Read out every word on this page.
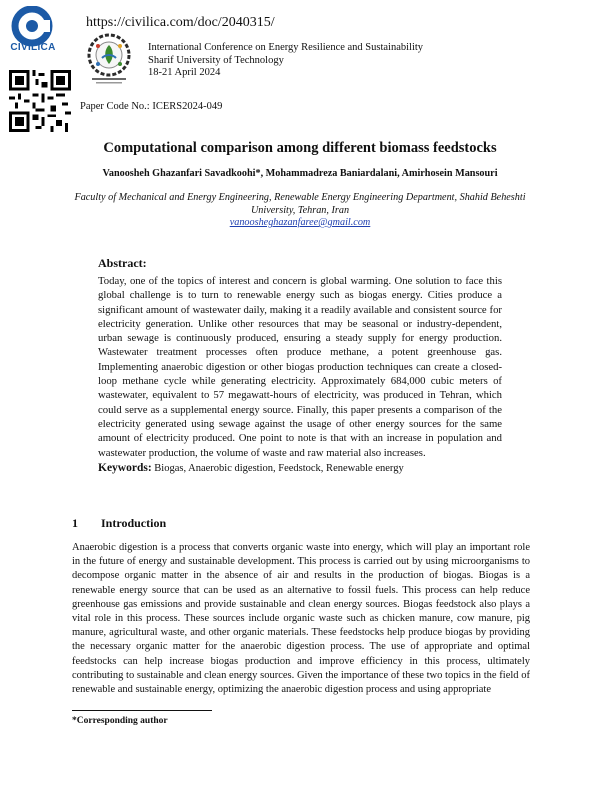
CIVILICA
https://civilica.com/doc/2040315/
International Conference on Energy Resilience and Sustainability
Sharif University of Technology
18-21 April 2024
Paper Code No.: ICERS2024-049
Computational comparison among different biomass feedstocks
Vanoosheh Ghazanfari Savadkoohi*, Mohammadreza Baniardalani, Amirhosein Mansouri
Faculty of Mechanical and Energy Engineering, Renewable Energy Engineering Department, Shahid Beheshti University, Tehran, Iran
vanoosheghazanfaree@gmail.com
Abstract:
Today, one of the topics of interest and concern is global warming. One solution to face this global challenge is to turn to renewable energy such as biogas energy. Cities produce a significant amount of wastewater daily, making it a readily available and consistent source for electricity generation. Unlike other resources that may be seasonal or industry-dependent, urban sewage is continuously produced, ensuring a steady supply for energy production. Wastewater treatment processes often produce methane, a potent greenhouse gas. Implementing anaerobic digestion or other biogas production techniques can create a closed-loop methane cycle while generating electricity. Approximately 684,000 cubic meters of wastewater, equivalent to 57 megawatt-hours of electricity, was produced in Tehran, which could serve as a supplemental energy source. Finally, this paper presents a comparison of the electricity generated using sewage against the usage of other energy sources for the same amount of electricity produced. One point to note is that with an increase in population and wastewater production, the volume of waste and raw material also increases.
Keywords: Biogas, Anaerobic digestion, Feedstock, Renewable energy
1 Introduction
Anaerobic digestion is a process that converts organic waste into energy, which will play an important role in the future of energy and sustainable development. This process is carried out by using microorganisms to decompose organic matter in the absence of air and results in the production of biogas. Biogas is a renewable energy source that can be used as an alternative to fossil fuels. This process can help reduce greenhouse gas emissions and provide sustainable and clean energy sources. Biogas feedstock also plays a vital role in this process. These sources include organic waste such as chicken manure, cow manure, pig manure, agricultural waste, and other organic materials. These feedstocks help produce biogas by providing the necessary organic matter for the anaerobic digestion process. The use of appropriate and optimal feedstocks can help increase biogas production and improve efficiency in this process, ultimately contributing to sustainable and clean energy sources. Given the importance of these two topics in the field of renewable and sustainable energy, optimizing the anaerobic digestion process and using appropriate
*Corresponding author
